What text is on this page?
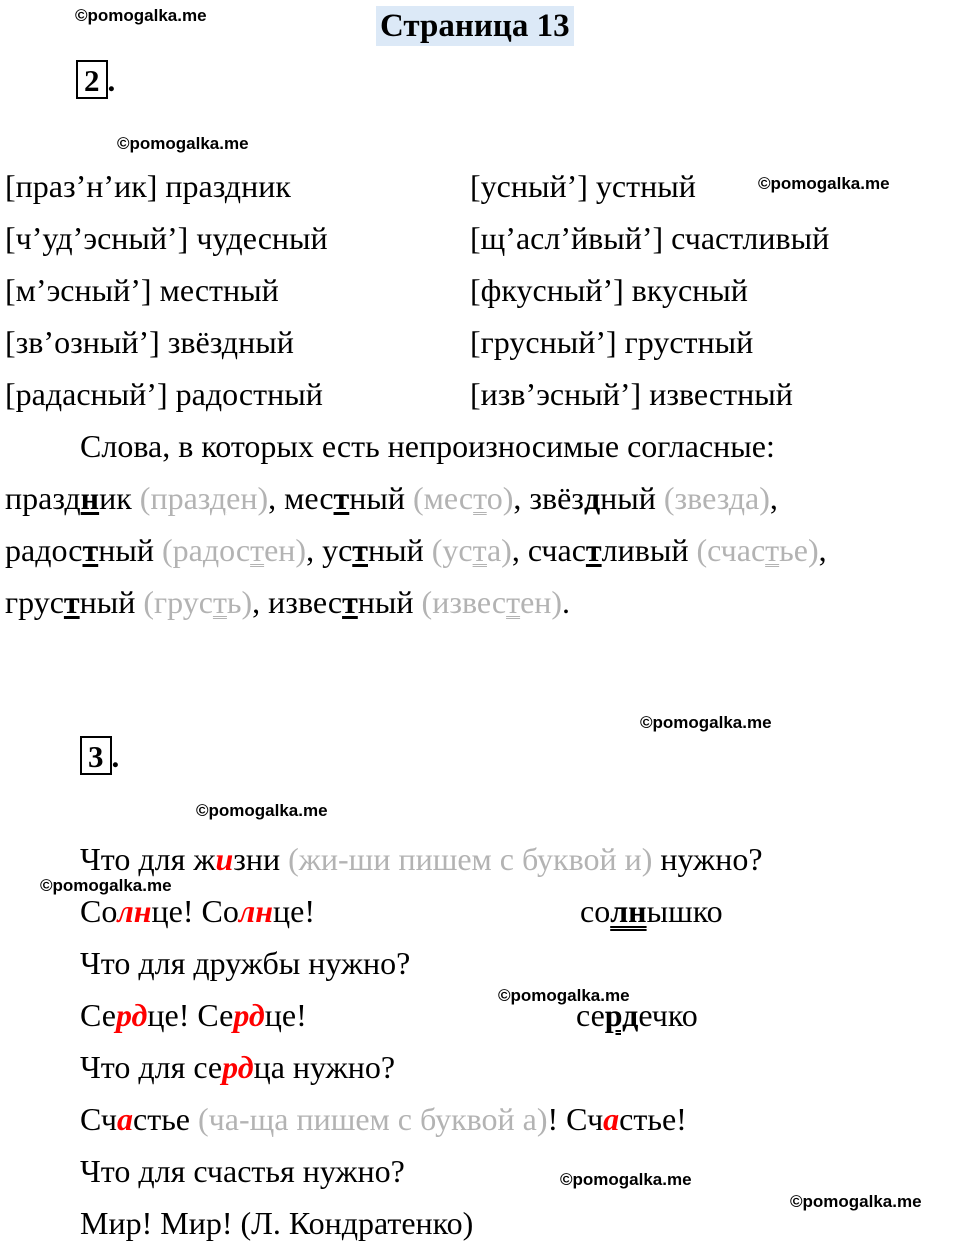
©pomogalka.me
©pomogalka.me
©pomogalka.me
©pomogalka.me
©pomogalka.me
©pomogalka.me
©pomogalka.me
©pomogalka.me
©pomogalka.me
Страница 13
2 .
[праз’н’ик] праздник
[ч’уд’эсный’] чудесный
[м’эсный’] местный
[зв’озный’] звёздный
[радасный’] радостный
[усный’] устный
[щ’асл’йвый’] счастливый
[фкусный’] вкусный
[грусный’] грустный
[изв’эсный’] известный
Слова, в которых есть непроизносимые согласные:
праздник (празден), местный (место), звёздный (звезда),
радостный (радостен), устный (уста), счастливый (счастье),
грустный (грусть), известный (известен).
3 .
Что для жизни (жи-ши пишем с буквой и) нужно?
Солнце! Солнце!	солнышко
Что для дружбы нужно?
Сердце! Сердце!	сердечко
Что для сердца нужно?
Счастье (ча-ща пишем с буквой а)! Счастье!
Что для счастья нужно?
Мир! Мир! (Л. Кондратенко)
